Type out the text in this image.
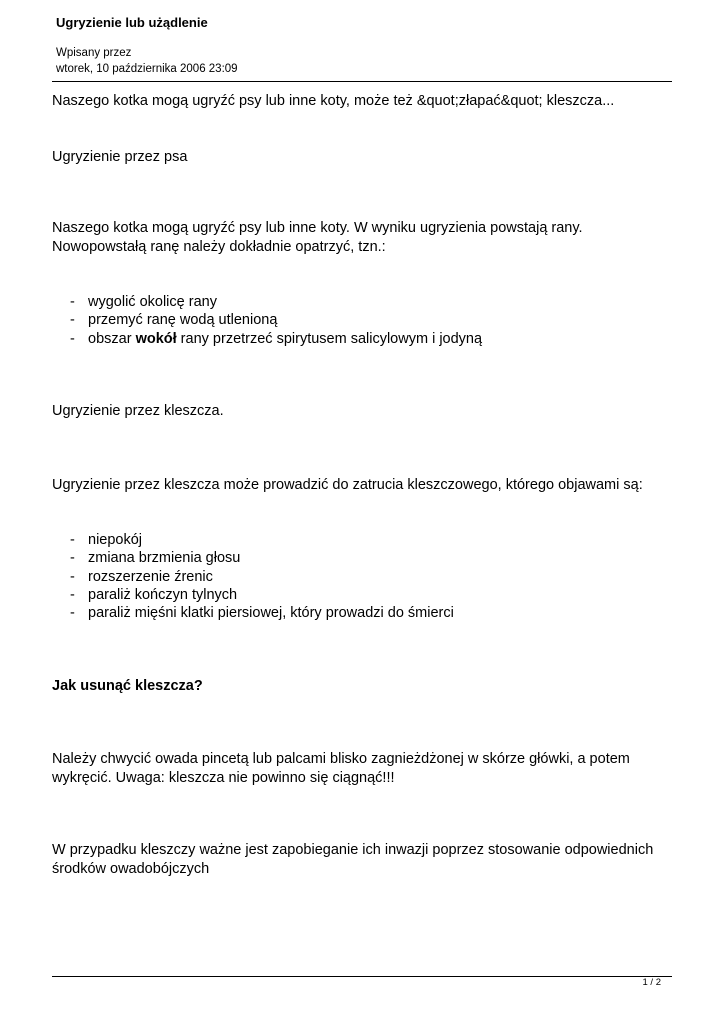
Ugryzienie lub użądlenie
Wpisany przez
wtorek, 10 października 2006 23:09

Naszego kotka mogą ugryźć psy lub inne koty, może też &quot;złapać&quot; kleszcza...

Ugryzienie przez psa

Naszego kotka mogą ugryźć psy lub inne koty. W wyniku ugryzienia powstają rany. Nowopowstałą ranę należy dokładnie opatrzyć, tzn.:

- wygolić okolicę rany
- przemyć ranę wodą utlenioną
- obszar wokół rany przetrzeć spirytusem salicylowym i jodyną

Ugryzienie przez kleszcza.

Ugryzienie przez kleszcza może prowadzić do zatrucia kleszczowego, którego objawami są:

- niepokój
- zmiana brzmienia głosu
- rozszerzenie źrenic
- paraliż kończyn tylnych
- paraliż mięśni klatki piersiowej, który prowadzi do śmierci

Jak usunąć kleszcza?

Należy chwycić owada pincetą lub palcami blisko zagnieżdżonej w skórze główki, a potem wykręcić. Uwaga: kleszcza nie powinno się ciągnąć!!!

W przypadku kleszczy ważne jest zapobieganie ich inwazji poprzez stosowanie odpowiednich środków owadobójczych

1 / 2
